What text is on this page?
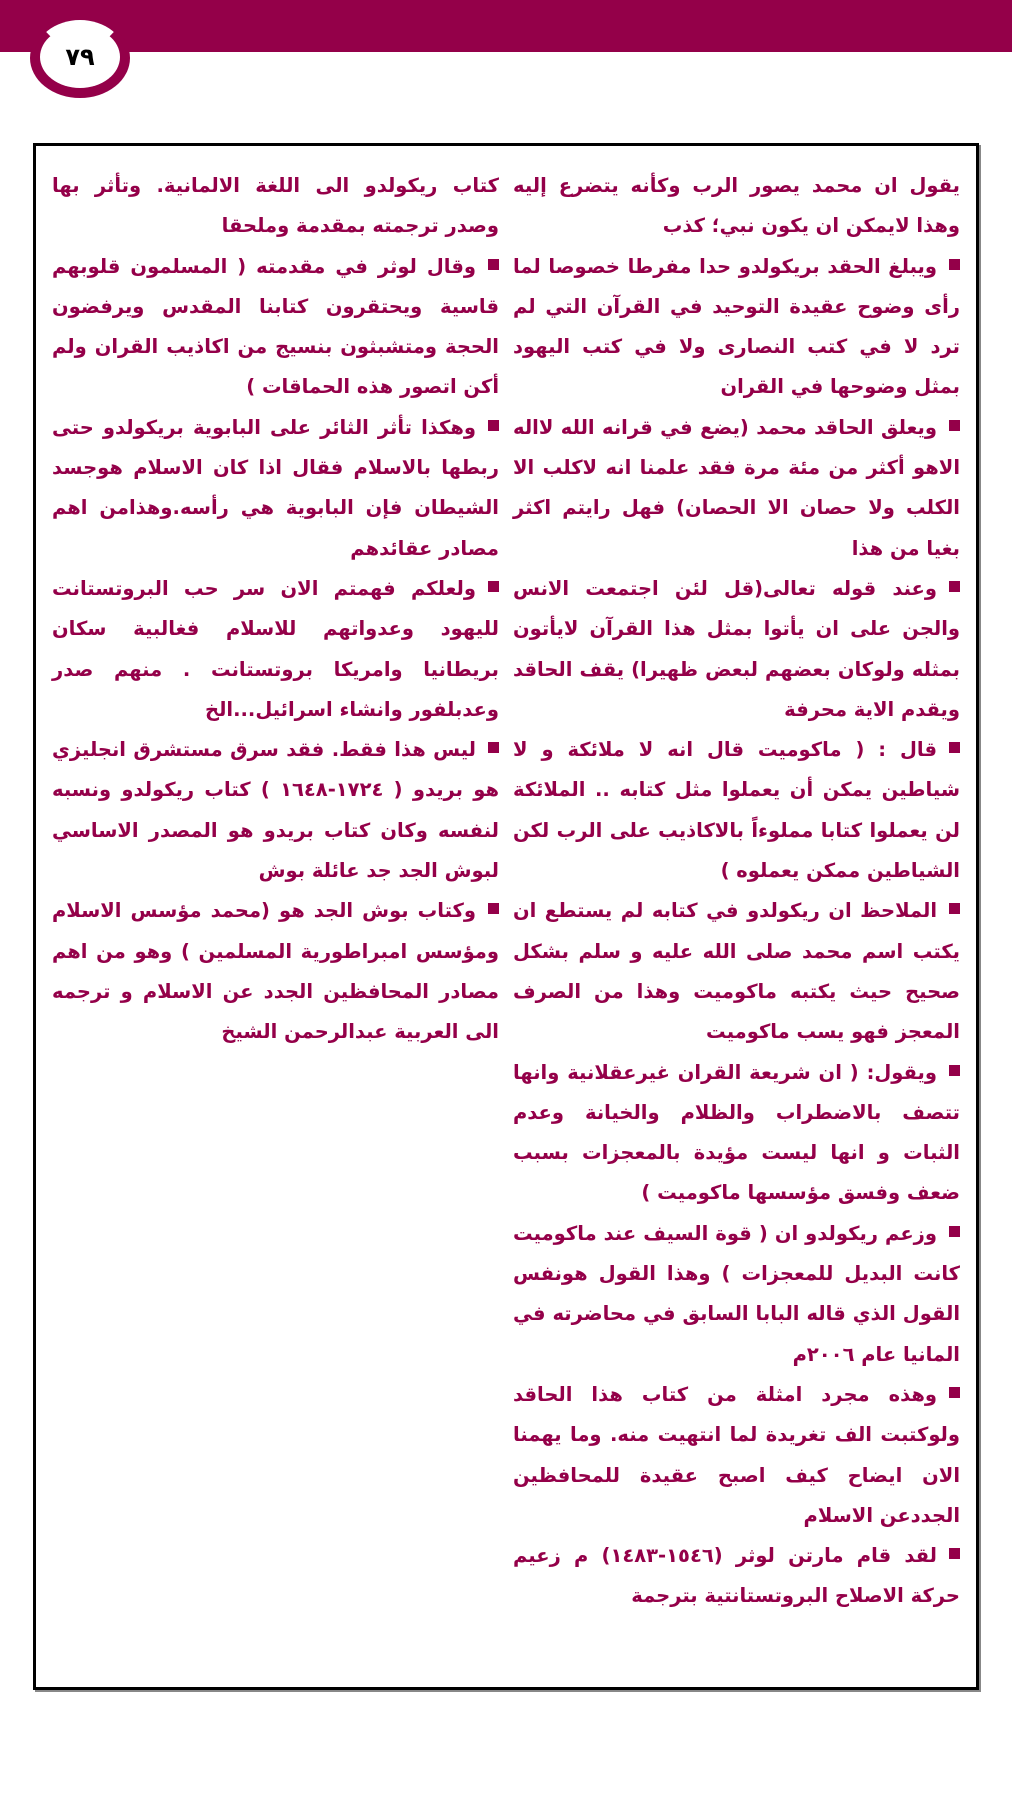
٧٩

يقول ان محمد يصور الرب وكأنه يتضرع إليه وهذا لايمكن ان يكون نبي؛ كذب

ويبلغ الحقد بريكولدو حدا مفرطا خصوصا لما رأى وضوح عقيدة التوحيد في القرآن التي لم ترد لا في كتب النصارى ولا في كتب اليهود بمثل وضوحها في القران

ويعلق الحاقد محمد (يضع في قرانه الله لااله الاهو أكثر من مئة مرة فقد علمنا انه لاكلب الا الكلب ولا حصان الا الحصان) فهل رايتم اكثر بغيا من هذا

وعند قوله تعالى(قل لئن اجتمعت الانس والجن على ان يأتوا بمثل هذا القرآن لايأتون بمثله ولوكان بعضهم لبعض ظهيرا) يقف الحاقد ويقدم الاية محرفة

قال : ( ماكوميت قال انه لا ملائكة و لا شياطين يمكن أن يعملوا مثل كتابه .. الملائكة لن يعملوا كتابا مملوءاً بالاكاذيب على الرب لكن الشياطين ممكن يعملوه )

الملاحظ ان ريكولدو في كتابه لم يستطع ان يكتب اسم محمد صلى الله عليه و سلم بشكل صحيح حيث يكتبه ماكوميت وهذا من الصرف المعجز فهو يسب ماكوميت

ويقول: ( ان شريعة القران غيرعقلانية وانها تتصف بالاضطراب والظلام والخيانة وعدم الثبات و انها ليست مؤيدة بالمعجزات بسبب ضعف وفسق مؤسسها ماكوميت )

وزعم ريكولدو ان ( قوة السيف عند ماكوميت كانت البديل للمعجزات ) وهذا القول هونفس القول الذي قاله البابا السابق في محاضرته في المانيا عام ٢٠٠٦م

وهذه مجرد امثلة من كتاب هذا الحاقد ولوكتبت الف تغريدة لما انتهيت منه. وما يهمنا الان ايضاح كيف اصبح عقيدة للمحافظين الجددعن الاسلام

لقد قام مارتن لوثر (١٥٤٦-١٤٨٣) م زعيم حركة الاصلاح البروتستانتية بترجمة

كتاب ريكولدو الى اللغة الالمانية. وتأثر بها وصدر ترجمته بمقدمة وملحقا

وقال لوثر في مقدمته ( المسلمون قلوبهم قاسية ويحتقرون كتابنا المقدس ويرفضون الحجة ومتشبثون بنسيج من اكاذيب القران ولم أكن اتصور هذه الحماقات )

وهكذا تأثر الثائر على البابوية بريكولدو حتى ربطها بالاسلام فقال اذا كان الاسلام هوجسد الشيطان فإن البابوية هي رأسه.وهذامن اهم مصادر عقائدهم

ولعلكم فهمتم الان سر حب البروتستانت لليهود وعدواتهم للاسلام فغالبية سكان بريطانيا وامريكا بروتستانت . منهم صدر وعدبلفور وانشاء اسرائيل...الخ

ليس هذا فقط. فقد سرق مستشرق انجليزي هو بريدو ( ١٧٢٤-١٦٤٨ ) كتاب ريكولدو ونسبه لنفسه وكان كتاب بريدو هو المصدر الاساسي لبوش الجد جد عائلة بوش

وكتاب بوش الجد هو (محمد مؤسس الاسلام ومؤسس امبراطورية المسلمين ) وهو من اهم مصادر المحافظين الجدد عن الاسلام و ترجمه الى العربية عبدالرحمن الشيخ
